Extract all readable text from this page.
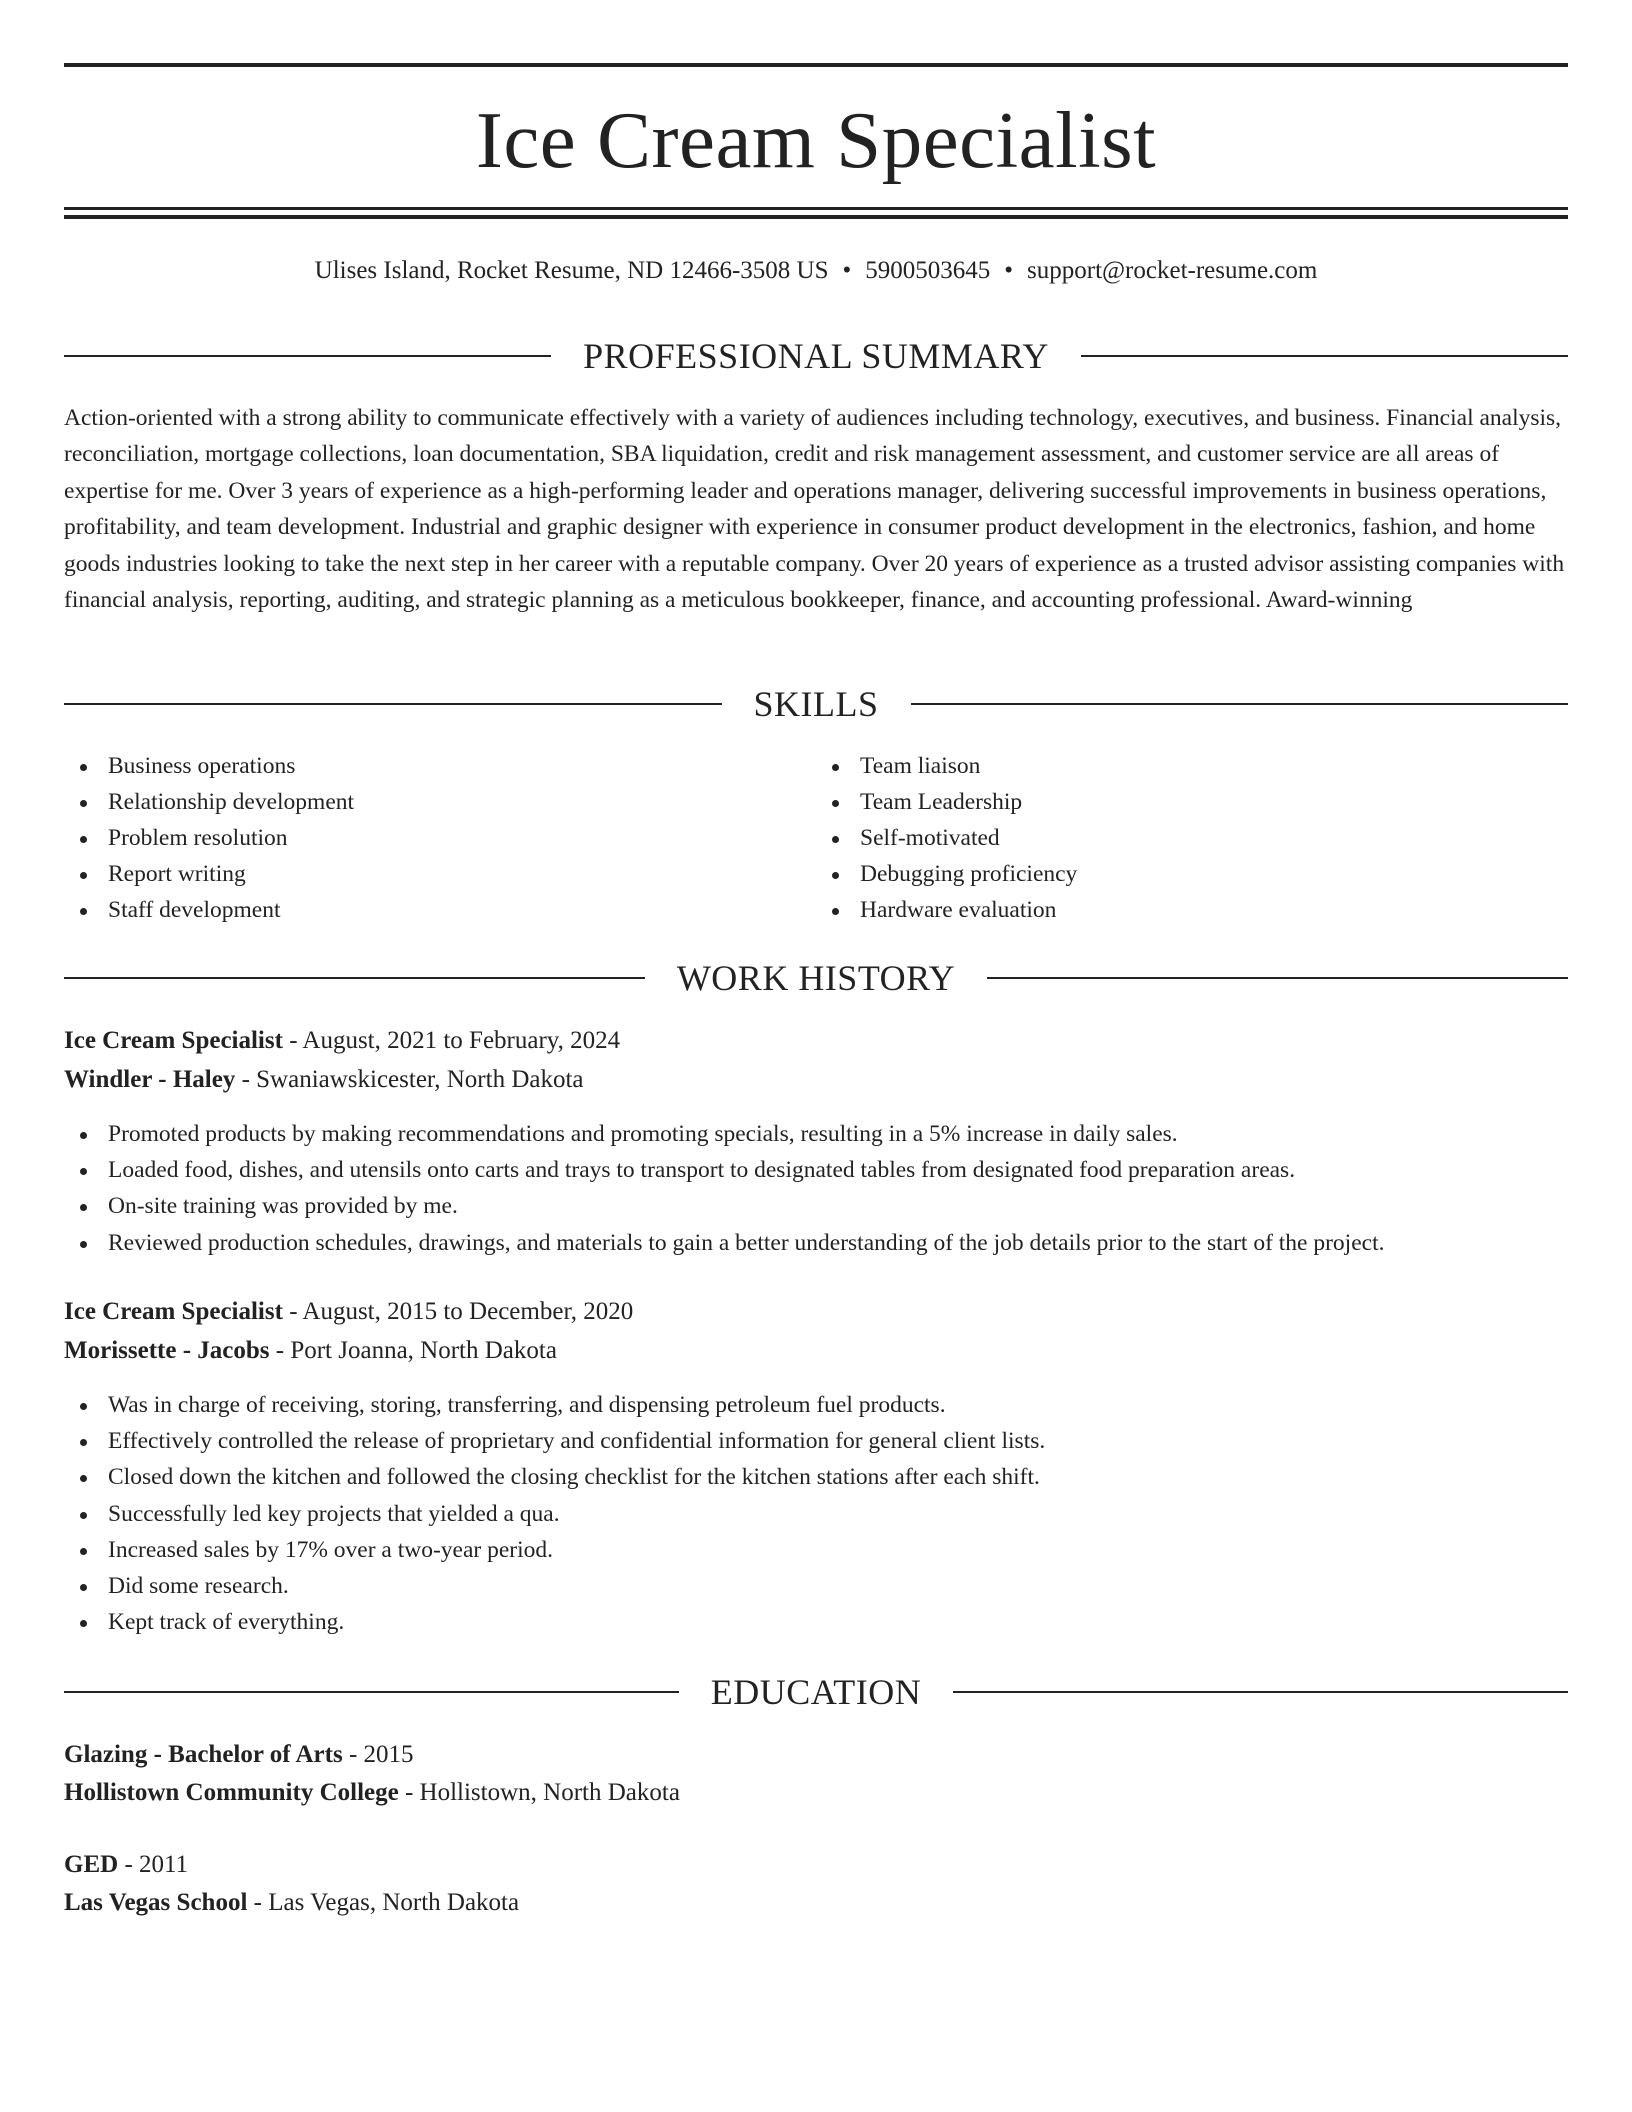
Ice Cream Specialist
Ulises Island, Rocket Resume, ND 12466-3508 US • 5900503645 • support@rocket-resume.com
PROFESSIONAL SUMMARY

Action-oriented with a strong ability to communicate effectively with a variety of audiences including technology, executives, and business. Financial analysis, reconciliation, mortgage collections, loan documentation, SBA liquidation, credit and risk management assessment, and customer service are all areas of expertise for me. Over 3 years of experience as a high-performing leader and operations manager, delivering successful improvements in business operations, profitability, and team development. Industrial and graphic designer with experience in consumer product development in the electronics, fashion, and home goods industries looking to take the next step in her career with a reputable company. Over 20 years of experience as a trusted advisor assisting companies with financial analysis, reporting, auditing, and strategic planning as a meticulous bookkeeper, finance, and accounting professional. Award-winning

SKILLS
Business operations
Relationship development
Problem resolution
Report writing
Staff development
Team liaison
Team Leadership
Self-motivated
Debugging proficiency
Hardware evaluation
WORK HISTORY
Ice Cream Specialist - August, 2021 to February, 2024
Windler - Haley - Swaniawskicester, North Dakota
Promoted products by making recommendations and promoting specials, resulting in a 5% increase in daily sales.
Loaded food, dishes, and utensils onto carts and trays to transport to designated tables from designated food preparation areas.
On-site training was provided by me.
Reviewed production schedules, drawings, and materials to gain a better understanding of the job details prior to the start of the project.
Ice Cream Specialist - August, 2015 to December, 2020
Morissette - Jacobs - Port Joanna, North Dakota
Was in charge of receiving, storing, transferring, and dispensing petroleum fuel products.
Effectively controlled the release of proprietary and confidential information for general client lists.
Closed down the kitchen and followed the closing checklist for the kitchen stations after each shift.
Successfully led key projects that yielded a qua.
Increased sales by 17% over a two-year period.
Did some research.
Kept track of everything.
EDUCATION
Glazing - Bachelor of Arts - 2015
Hollistown Community College - Hollistown, North Dakota
GED - 2011
Las Vegas School - Las Vegas, North Dakota
